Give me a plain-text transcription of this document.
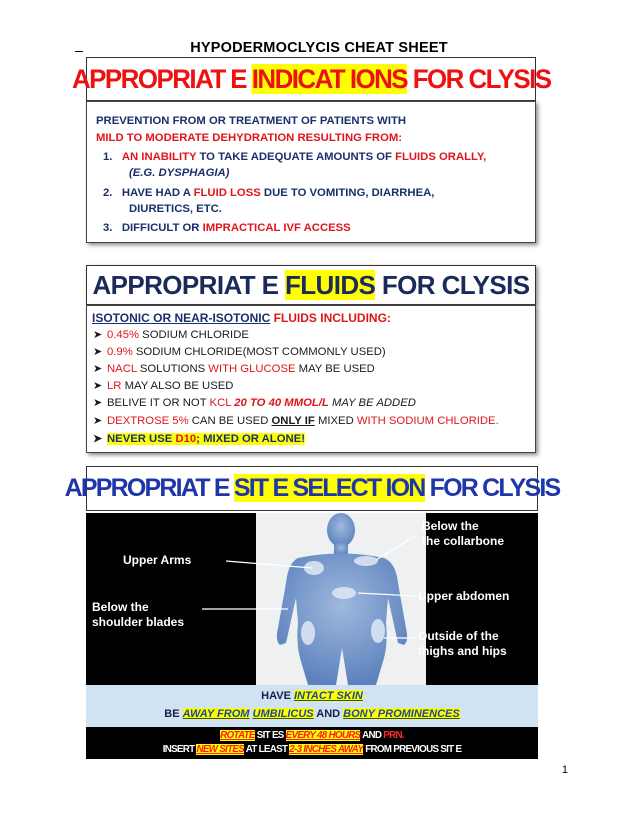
HYPODERMOCLYCIS CHEAT SHEET
APPROPRIAT E INDICAT IONS FOR CLYSIS
PREVENTION FROM OR TREATMENT OF PATIENTS WITH
MILD TO MODERATE DEHYDRATION RESULTING FROM:
1. AN INABILITY TO TAKE ADEQUATE AMOUNTS OF FLUIDS ORALLY,
(E.G. DYSPHAGIA)
2. HAVE HAD A FLUID LOSS DUE TO VOMITING, DIARRHEA,
DIURETICS, ETC.
3. DIFFICULT OR IMPRACTICAL IVF ACCESS
APPROPRIAT E FLUIDS FOR CLYSIS
ISOTONIC OR NEAR-ISOTONIC FLUIDS INCLUDING:
➤ 0.45% SODIUM CHLORIDE
➤ 0.9% SODIUM CHLORIDE(MOST COMMONLY USED)
➤ NACL SOLUTIONS WITH GLUCOSE MAY BE USED
➤ LR MAY ALSO BE USED
➤ BELIVE IT OR NOT KCL 20 TO 40 MMOL/L MAY BE ADDED
➤ DEXTROSE 5% CAN BE USED ONLY IF MIXED WITH SODIUM CHLORIDE.
➤ NEVER USE D10; MIXED OR ALONE!
APPROPRIAT E SIT E SELECT ION FOR CLYSIS
Upper Arms
Below the
shoulder blades
Below the
the collarbone
Upper abdomen
Outside of the
thighs and hips
HAVE INTACT SKIN
BE AWAY FROM UMBILICUS AND BONY PROMINENCES
ROTATE SIT ES EVERY 48 HOURS AND PRN.
INSERT NEW SITES AT LEAST 2-3 INCHES AWAY FROM PREVIOUS SIT E
1
